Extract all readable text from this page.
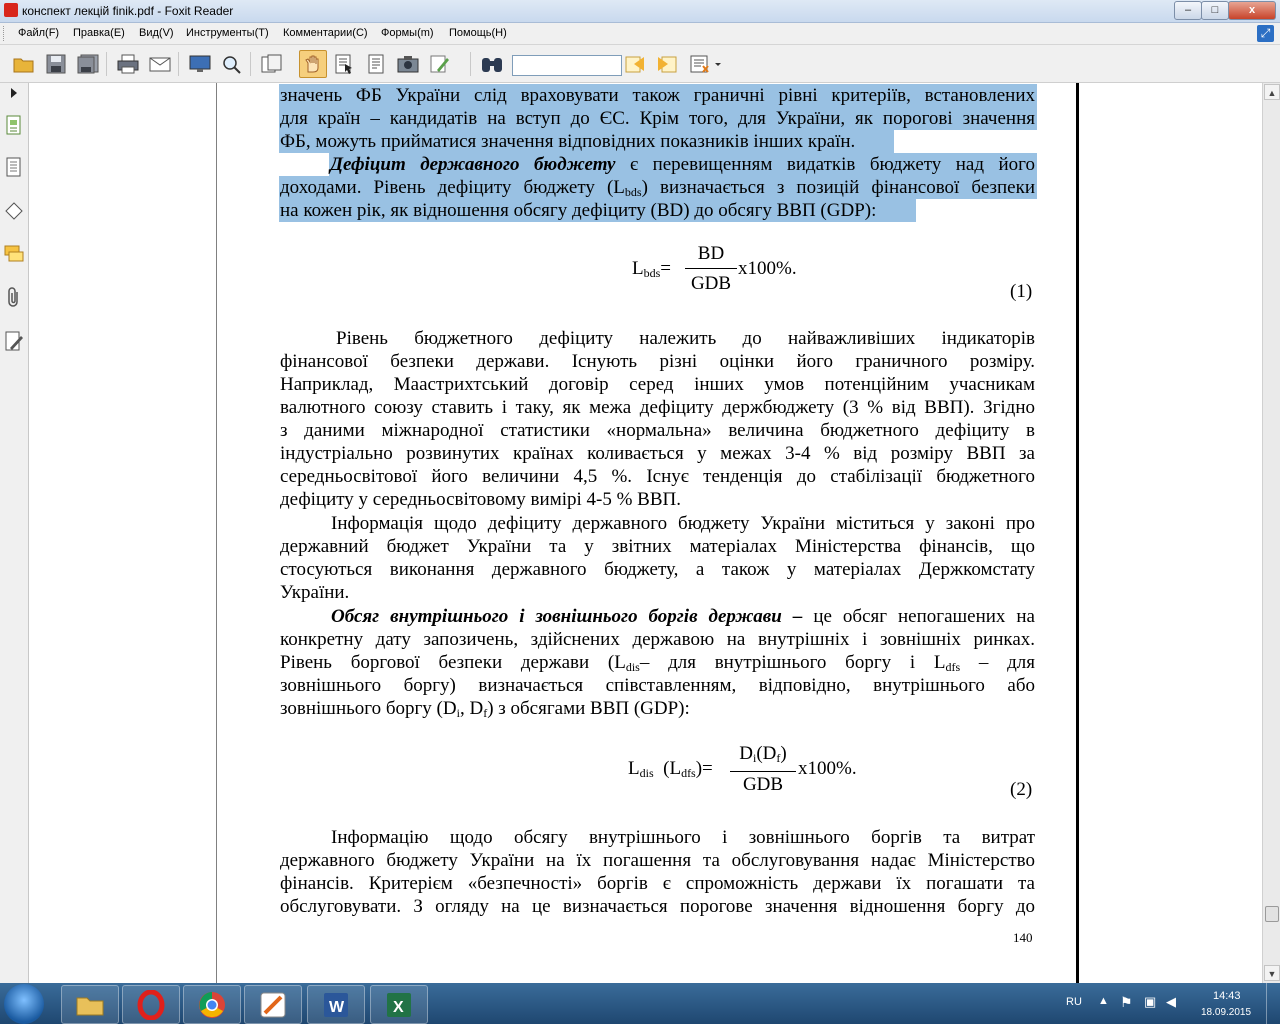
конспект лекцій finik.pdf - Foxit Reader	–	□	x
Файл(F) Правка(E) Вид(V) Инструменты(T) Комментарии(C) Формы(m) Помощь(H)	⤢
значень ФБ України слід враховувати також граничні рівні критеріїв, встановлених
для країн – кандидатів на вступ до ЄС. Крім того, для України, як порогові значення
ФБ, можуть прийматися значення відповідних показників інших країн.
Дефіцит державного бюджету є перевищенням видатків бюджету над його
доходами. Рівень дефіциту бюджету $(L_{bds})$ визначається з позицій фінансової безпеки
на кожен рік, як відношення обсягу дефіциту (BD) до обсягу ВВП (GDP):
$L_{bds}=$
BD
GDB
x100%.
(1)
Рівень бюджетного дефіциту належить до найважливіших індикаторів
фінансової безпеки держави. Існують різні оцінки його граничного розміру.
Наприклад, Маастрихтський договір серед інших умов потенційним учасникам
валютного союзу ставить і таку, як межа дефіциту держбюджету (3 % від ВВП). Згідно
з даними міжнародної статистики «нормальна» величина бюджетного дефіциту в
індустріально розвинутих країнах коливається у межах 3-4 % від розміру ВВП за
середньосвітової його величини 4,5 %. Існує тенденція до стабілізації бюджетного
дефіциту у середньосвітовому вимірі 4-5 % ВВП.
Інформація щодо дефіциту державного бюджету України міститься у законі про
державний бюджет України та у звітних матеріалах Міністерства фінансів, що
стосуються виконання державного бюджету, а також у матеріалах Держкомстату
України.
Обсяг внутрішнього і зовнішнього боргів держави – це обсяг непогашених на
конкретну дату запозичень, здійснених державою на внутрішніх і зовнішніх ринках.
Рівень боргової безпеки держави ($L_{dis}-$ для внутрішнього боргу і $L_{dfs}$ – для
зовнішнього боргу) визначається співставленням, відповідно, внутрішнього або
зовнішнього боргу ($D_i$, $D_f$) з обсягами ВВП (GDP):
$L_{dis}$ $(L_{dfs})=$
$D_i(D_f)$
GDB
x100%.
(2)
Інформацію щодо обсягу внутрішнього і зовнішнього боргів та витрат
державного бюджету України на їх погашення та обслуговування надає Міністерство
фінансів. Критерієм «безпечності» боргів є спроможність держави їх погашати та
обслуговувати. З огляду на це визначається порогове значення відношення боргу до
140
▲
▼
W	X	RU ▲ ⚑ ▣ ◀	14:43
18.09.2015
